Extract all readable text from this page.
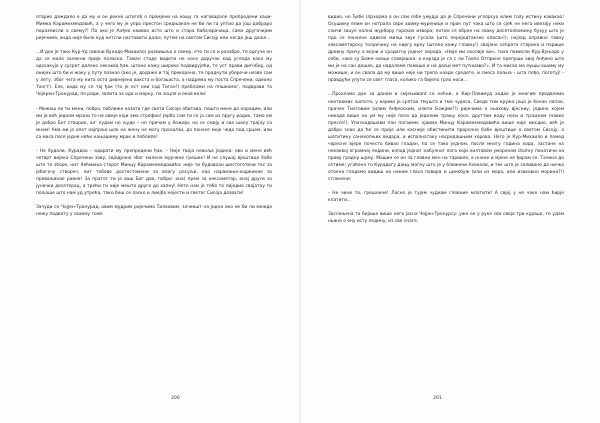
отврио даждало е да му и он рекне штогођ о промјени на кошу га наговарале препредени хаџи-Мимка Карамехмедовић, а у чего му је упро престон средњаком не би ли га уптио да још добраро поразмисли о свему?! Па ако је Анђео каивао исто што и стара баба-врачица, само другачијим ријечима, онда није било куд нетсли наставити даље, путем на светом Сисоју или негде још даље...

...И док је тако Кур-Уд (ивани Вунадо-Михаило) размишљо о свему, ето ти се и разабре, те одгуче он да се мало залекни прије поласка. Таман стаде видети не носе доручак кад угледа како му одскакуја у сусрет далеко некаква ђак, штоно кажу широко подвирујећи, те уст прави дигнбер, од онијех што би и жаку у путу познао (ако је, додаже и тај прекорено, те праднути уберечи незве сам у лету. због чега му кита оста девнејена вакста и богаьаста, а надрема му поста Спречени, одеоно Тонгт). Еле, када му се тај ђак (то је ест они сад Тигон!) преблажи на ппшкомог, подврави та Чојерен-Тронурад, по ради, запита за ода и марку, па зоцле и оков вели:

- Можеш ли ти мени, побро, поближе казати где свети Сисоје обитава, пошта мене да наредим, или ми је већ једном мрзни то на овмје који ама стрефио! Јербо сам ти се ја сам из пругу родио, тамо ам је добро Бог створио, ал' лудам но људе – не причам у божији, но се смију и све шалу трајлу са мном! Ама ми је опет најпрље шло на жену не могу проналзи, да понесе моје чедо под срцем, или са маса посе једне ноћи нањашему мрак и поблипе!

- Не будали, Курадоо – одарати му препредени ђак. – Није твојa невоља једина: ево и мене већ четврт вијека Спречени зову, свједрано због малене мурчене грешке! И не слушај вјештице бабе што те зборе, нит Хећмиња старог Минцу Карамехмедовића: није ти будовоан шестоготени ткс за јебегочу створеч, нит тебове достестомени за влагу росуљи, као нарамање-ходжинае за преваљинаe равне! За пратег ти је ваш Бог дао, побро: она) прем за хексаметар, онај други за јуначки десетерац, а трећи ти није мешта друго до хапну! Нето нам је тебе то лиједиo свајатоу ти пољоше што нам уд утрећа, тако беш се ласко и лиејба нејести и светог Сисоја дозвати!

Зачуди се Чојјен-Тронурад, овим мудрим ријечима Тилоовим, зачикшт на једно око не би ли можда нежу подвату у сваему томе

200

видио, но Ђебе (прхорма а он сам себе умудjo да је Спречени углорсуo илим голу истину кавакao! Осушиму елим он нотрала свре хаиму-муренице и пран пут чака што се сјећ не нега ивезају неки сличи зацуе нална журбору горских извора; потом се обрне на сваку десетолеомину бухуу што је пдо се понелно одвело милш звук гусала (што пероједтакзео опасан!); најзад оправно тавну хексаметарску толуичину на ниргу врху (штоно кажу главну!) својане сепрата старина и порише древну причу о војни и сродагну једног херода. «Није ми охолије ви», тихо помисли Кур-Вуњадо у себи, «око су Боже ниаце словјешна: а кнрзда је га с ли Тоопо Отпрене препуши овој Анђено што ми је на сан дошао, да надаломе помашо и на даљи мет путниаво?». И та мисао ма мушы ошиму му можише, и он свала да му више неје ни трепа нааде средете, и смеса пољна – шта пoђo, поготуј! - правдући упути се свет гласа, колико га бијело грло носи...

...Прохламо дан за даном и смјењиваnt се ноћни, а Кир-Ллеимуд ходао је многим предвлема неотиомис љепоте, у којима је срптао тмушта и тма чудеса. Сведа тим кружа јоца је бонан лапао, прачен Тиотовим (илим Анђеоским, илити Божјим?!) ријечима о ньохову вјесниу, једино којем никада вишe на ум му није пало да једнеим трању косе, друттим воду носи и трљаном (навке прессе!). Упознадошави пан погаинм: хјаима Минцу Карамехмедовића више није мисдио, већ је добро знао да ће се прије или касније обистинити пророчно бабе вјештице о светом Сисоју, а шатитину санехопњих ведара, и исполнатаку насредашњим хорова. Него је Кур-Михаило и помед чаресне вјере почесто бивао гладан, па се тако једном, после многу година хода, застане на некаквој огромној ледини, изпод једног набулног лога који нилтовом умореном сtomrу понатичи на праву градну шуму. Машин се он за главни мен на тарвиле, а ннене и мјене не ђирам се. Тачина до сетиме; угаћена то Курадогу дању могну што је у ближени Ахекали, и тек што је заливано да ничка отоена гладомо видиш ка неким гласа повира и цинкбуж (или из мора, или изаковно морина?!) стлонени:

- Не чини то, грешниче! Ласно је тујем чудиам гловние млатити! А свјој у не чаке нам ћирје клатити...

Заслоњена та бијаше више него јасна Чојјен-Тронурсу: уже он у руке сва својa три кураца, те удам ньина о ону исту ледину, из све снаге,

201
